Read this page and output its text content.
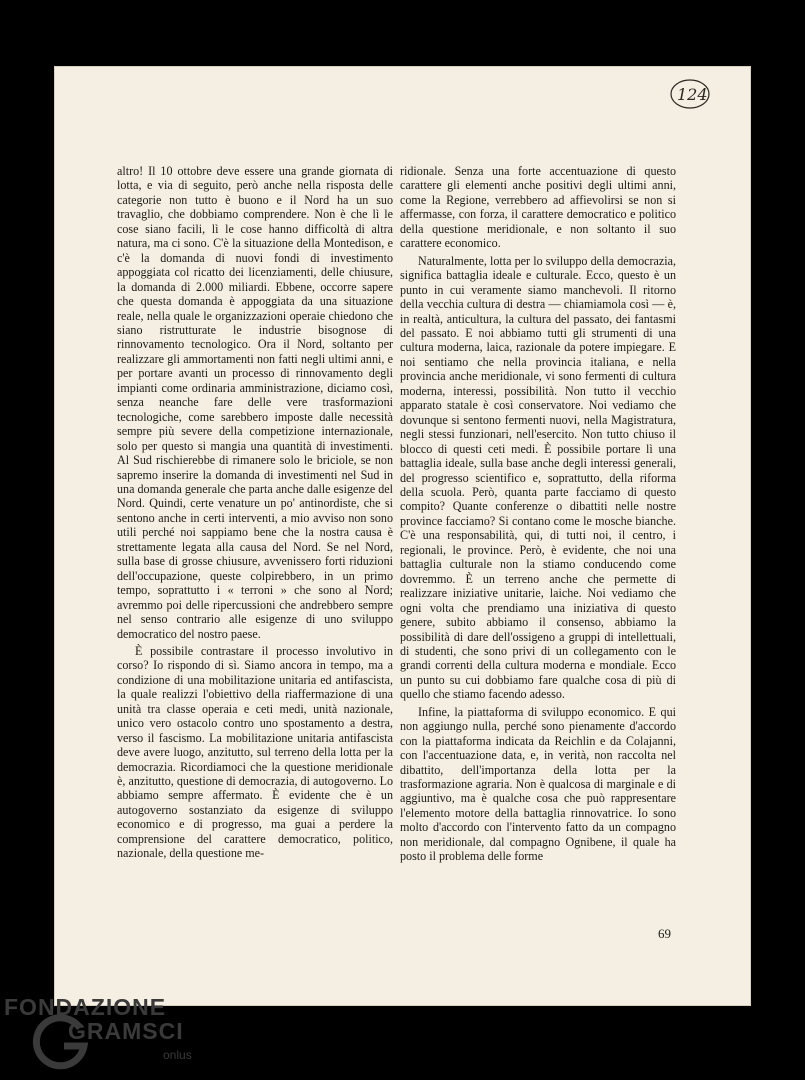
124

altro! Il 10 ottobre deve essere una grande giornata di lotta, e via di seguito, però anche nella risposta delle categorie non tutto è buono e il Nord ha un suo travaglio, che dobbiamo comprendere. Non è che lì le cose siano facili, lì le cose hanno difficoltà di altra natura, ma ci sono. C'è la situazione della Montedison, e c'è la domanda di nuovi fondi di investimento appoggiata col ricatto dei licenziamenti, delle chiusure, la domanda di 2.000 miliardi. Ebbene, occorre sapere che questa domanda è appoggiata da una situazione reale, nella quale le organizzazioni operaie chiedono che siano ristrutturate le industrie bisognose di rinnovamento tecnologico. Ora il Nord, soltanto per realizzare gli ammortamenti non fatti negli ultimi anni, e per portare avanti un processo di rinnovamento degli impianti come ordinaria amministrazione, diciamo così, senza neanche fare delle vere trasformazioni tecnologiche, come sarebbero imposte dalle necessità sempre più severe della competizione internazionale, solo per questo si mangia una quantità di investimenti. Al Sud rischierebbe di rimanere solo le briciole, se non sapremo inserire la domanda di investimenti nel Sud in una domanda generale che parta anche dalle esigenze del Nord. Quindi, certe venature un po' antinordiste, che si sentono anche in certi interventi, a mio avviso non sono utili perché noi sappiamo bene che la nostra causa è strettamente legata alla causa del Nord. Se nel Nord, sulla base di grosse chiusure, avvenissero forti riduzioni dell'occupazione, queste colpirebbero, in un primo tempo, soprattutto i « terroni » che sono al Nord; avremmo poi delle ripercussioni che andrebbero sempre nel senso contrario alle esigenze di uno sviluppo democratico del nostro paese.

È possibile contrastare il processo involutivo in corso? Io rispondo di sì. Siamo ancora in tempo, ma a condizione di una mobilitazione unitaria ed antifascista, la quale realizzi l'obiettivo della riaffermazione di una unità tra classe operaia e ceti medi, unità nazionale, unico vero ostacolo contro uno spostamento a destra, verso il fascismo. La mobilitazione unitaria antifascista deve avere luogo, anzitutto, sul terreno della lotta per la democrazia. Ricordiamoci che la questione meridionale è, anzitutto, questione di democrazia, di autogoverno. Lo abbiamo sempre affermato. È evidente che è un autogoverno sostanziato da esigenze di sviluppo economico e di progresso, ma guai a perdere la comprensione del carattere democratico, politico, nazionale, della questione me-

ridionale. Senza una forte accentuazione di questo carattere gli elementi anche positivi degli ultimi anni, come la Regione, verrebbero ad affievolirsi se non si affermasse, con forza, il carattere democratico e politico della questione meridionale, e non soltanto il suo carattere economico.

Naturalmente, lotta per lo sviluppo della democrazia, significa battaglia ideale e culturale. Ecco, questo è un punto in cui veramente siamo manchevoli. Il ritorno della vecchia cultura di destra — chiamiamola così — è, in realtà, anticultura, la cultura del passato, dei fantasmi del passato. E noi abbiamo tutti gli strumenti di una cultura moderna, laica, razionale da potere impiegare. E noi sentiamo che nella provincia italiana, e nella provincia anche meridionale, vi sono fermenti di cultura moderna, interessi, possibilità. Non tutto il vecchio apparato statale è così conservatore. Noi vediamo che dovunque si sentono fermenti nuovi, nella Magistratura, negli stessi funzionari, nell'esercito. Non tutto chiuso il blocco di questi ceti medi. È possibile portare lì una battaglia ideale, sulla base anche degli interessi generali, del progresso scientifico e, soprattutto, della riforma della scuola. Però, quanta parte facciamo di questo compito? Quante conferenze o dibattiti nelle nostre province facciamo? Si contano come le mosche bianche. C'è una responsabilità, qui, di tutti noi, il centro, i regionali, le province. Però, è evidente, che noi una battaglia culturale non la stiamo conducendo come dovremmo. È un terreno anche che permette di realizzare iniziative unitarie, laiche. Noi vediamo che ogni volta che prendiamo una iniziativa di questo genere, subito abbiamo il consenso, abbiamo la possibilità di dare dell'ossigeno a gruppi di intellettuali, di studenti, che sono privi di un collegamento con le grandi correnti della cultura moderna e mondiale. Ecco un punto su cui dobbiamo fare qualche cosa di più di quello che stiamo facendo adesso.

Infine, la piattaforma di sviluppo economico. E qui non aggiungo nulla, perché sono pienamente d'accordo con la piattaforma indicata da Reichlin e da Colajanni, con l'accentuazione data, e, in verità, non raccolta nel dibattito, dell'importanza della lotta per la trasformazione agraria. Non è qualcosa di marginale e di aggiuntivo, ma è qualche cosa che può rappresentare l'elemento motore della battaglia rinnovatrice. Io sono molto d'accordo con l'intervento fatto da un compagno non meridionale, dal compagno Ognibene, il quale ha posto il problema delle forme

69
FONDAZIONE
GRAMSCI
onlus
